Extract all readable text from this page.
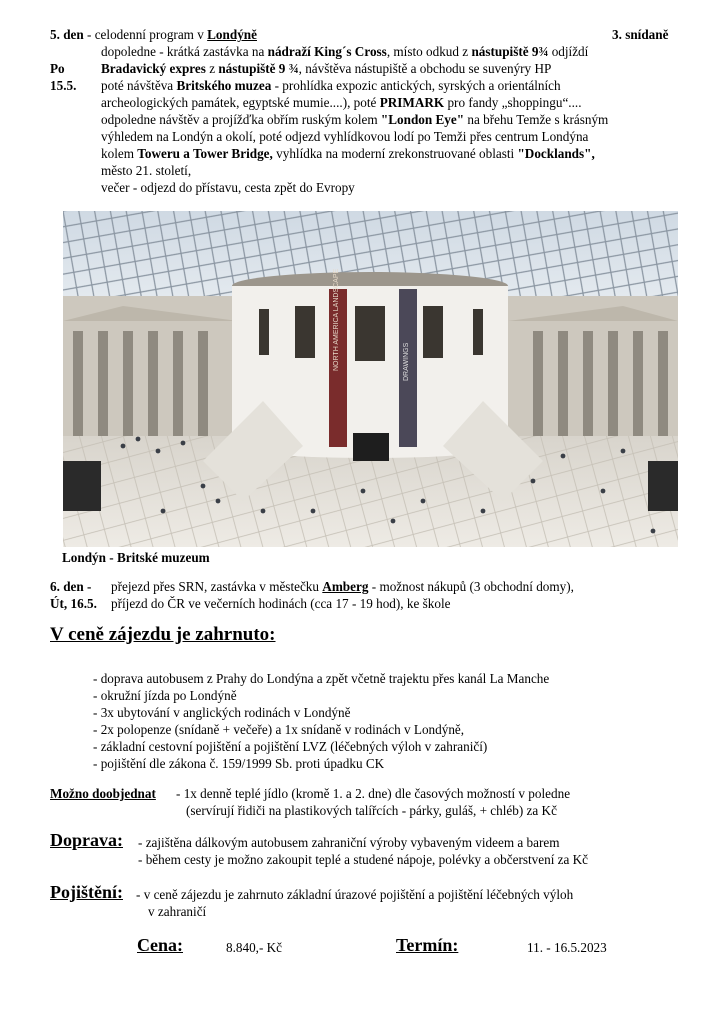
5. den - celodenní program v Londýně	3. snídaně
dopoledne - krátká zastávka na nádraží King´s Cross, místo odkud z nástupiště 9¾ odjíždí
Po	Bradavický expres z nástupiště 9 ¾, návštěva nástupiště a obchodu se suvenýry HP
15.5. poté návštěva Britského muzea - prohlídka expozic antických, syrských a orientálních
archeologických památek, egyptské mumie....), poté PRIMARK pro fandy „shoppingu“....
odpoledne návštěv a projížďka obřím ruským kolem "London Eye" na břehu Temže s krásným
výhledem na Londýn a okolí, poté odjezd vyhlídkovou lodí po Temži přes centrum Londýna
kolem Toweru a Tower Bridge, vyhlídka na moderní zrekonstruované oblasti "Docklands",
město 21. století,
večer - odjezd do přístavu, cesta zpět do Evropy
NORTH AMERICA LANDSCAPE	DRAWINGS
Londýn - Britské muzeum
6. den - přejezd přes SRN, zastávka v městečku Amberg - možnost nákupů (3 obchodní domy),
Út, 16.5. příjezd do ČR ve večerních hodinách (cca 17 - 19 hod), ke škole
V ceně zájezdu je zahrnuto:
- doprava autobusem z Prahy do Londýna a zpět včetně trajektu přes kanál La Manche
- okružní jízda po Londýně
- 3x ubytování v anglických rodinách v Londýně
- 2x polopenze (snídaně + večeře) a 1x snídaně v rodinách v Londýně,
- základní cestovní pojištění a pojištění LVZ (léčebných výloh v zahraničí)
- pojištění dle zákona č. 159/1999 Sb. proti úpadku CK
Možno doobjednat - 1x denně teplé jídlo (kromě 1. a 2. dne) dle časových možností v poledne
(servírují řidiči na plastikových talířcích - párky, guláš, + chléb) za Kč
Doprava: - zajištěna dálkovým autobusem zahraniční výroby vybaveným videem a barem
- během cesty je možno zakoupit teplé a studené nápoje, polévky a občerstvení za Kč
Pojištění: - v ceně zájezdu je zahrnuto základní úrazové pojištění a pojištění léčebných výloh
v zahraničí
Cena:	8.840,- Kč	Termín:	11. - 16.5.2023
